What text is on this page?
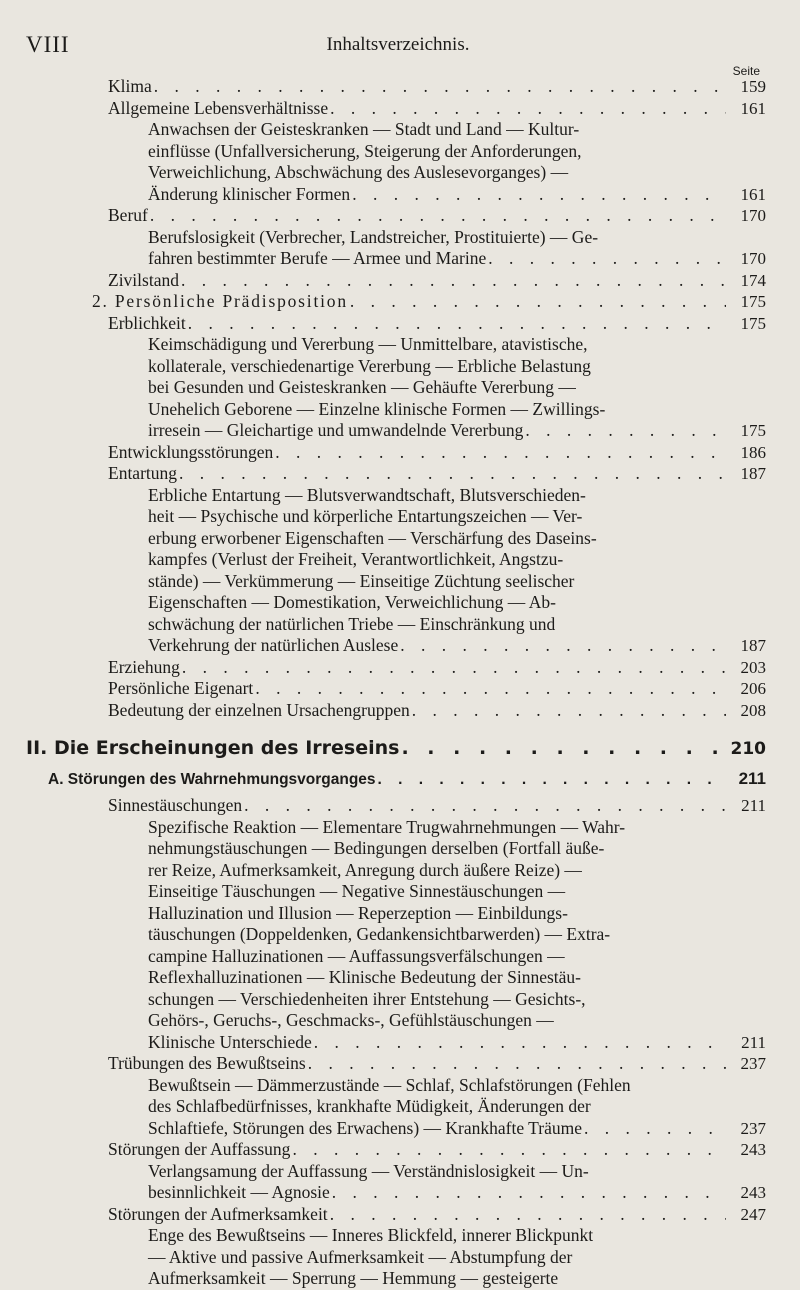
VIII	Inhaltsverzeichnis.
Seite
Klima . . .	159
Allgemeine Lebensverhältnisse . . .	161
Anwachsen der Geisteskranken — Stadt und Land — Kultur-
einflüsse (Unfallversicherung, Steigerung der Anforderungen,
Verweichlichung, Abschwächung des Auslesevorganges) —
Änderung klinischer Formen . . .	161
Beruf . . .	170
Berufslosigkeit (Verbrecher, Landstreicher, Prostituierte) — Ge-
fahren bestimmter Berufe — Armee und Marine . . .	170
Zivilstand . . .	174
2. Persönliche Prädisposition . . .	175
Erblichkeit . . .	175
Keimschädigung und Vererbung — Unmittelbare, atavistische,
kollaterale, verschiedenartige Vererbung — Erbliche Belastung
bei Gesunden und Geisteskranken — Gehäufte Vererbung —
Unehelich Geborene — Einzelne klinische Formen — Zwillings-
irresein — Gleichartige und umwandelnde Vererbung . . .	175
Entwicklungsstörungen . . .	186
Entartung . . .	187
Erbliche Entartung — Blutsverwandtschaft, Blutsverschieden-
heit — Psychische und körperliche Entartungszeichen — Ver-
erbung erworbener Eigenschaften — Verschärfung des Daseins-
kampfes (Verlust der Freiheit, Verantwortlichkeit, Angstzu-
stände) — Verkümmerung — Einseitige Züchtung seelischer
Eigenschaften — Domestikation, Verweichlichung — Ab-
schwächung der natürlichen Triebe — Einschränkung und
Verkehrung der natürlichen Auslese . . .	187
Erziehung . . .	203
Persönliche Eigenart . . .	206
Bedeutung der einzelnen Ursachengruppen . . .	208
II. Die Erscheinungen des Irreseins . . .	210
A. Störungen des Wahrnehmungsvorganges . . .	211
Sinnestäuschungen . . .	211
Spezifische Reaktion — Elementare Trugwahrnehmungen — Wahr-
nehmungstäuschungen — Bedingungen derselben (Fortfall äuße-
rer Reize, Aufmerksamkeit, Anregung durch äußere Reize) —
Einseitige Täuschungen — Negative Sinnestäuschungen —
Halluzination und Illusion — Reperzeption — Einbildungs-
täuschungen (Doppeldenken, Gedankensichtbarwerden) — Extra-
campine Halluzinationen — Auffassungsverfälschungen —
Reflexhalluzinationen — Klinische Bedeutung der Sinnestäu-
schungen — Verschiedenheiten ihrer Entstehung — Gesichts-,
Gehörs-, Geruchs-, Geschmacks-, Gefühlstäuschungen —
Klinische Unterschiede . . .	211
Trübungen des Bewußtseins . . .	237
Bewußtsein — Dämmerzustände — Schlaf, Schlafstörungen (Fehlen
des Schlafbedürfnisses, krankhafte Müdigkeit, Änderungen der
Schlaftiefe, Störungen des Erwachens) — Krankhafte Träume . . .	237
Störungen der Auffassung . . .	243
Verlangsamung der Auffassung — Verständnislosigkeit — Un-
besinnlichkeit — Agnosie . . .	243
Störungen der Aufmerksamkeit . . .	247
Enge des Bewußtseins — Inneres Blickfeld, innerer Blickpunkt
— Aktive und passive Aufmerksamkeit — Abstumpfung der
Aufmerksamkeit — Sperrung — Hemmung — gesteigerte
